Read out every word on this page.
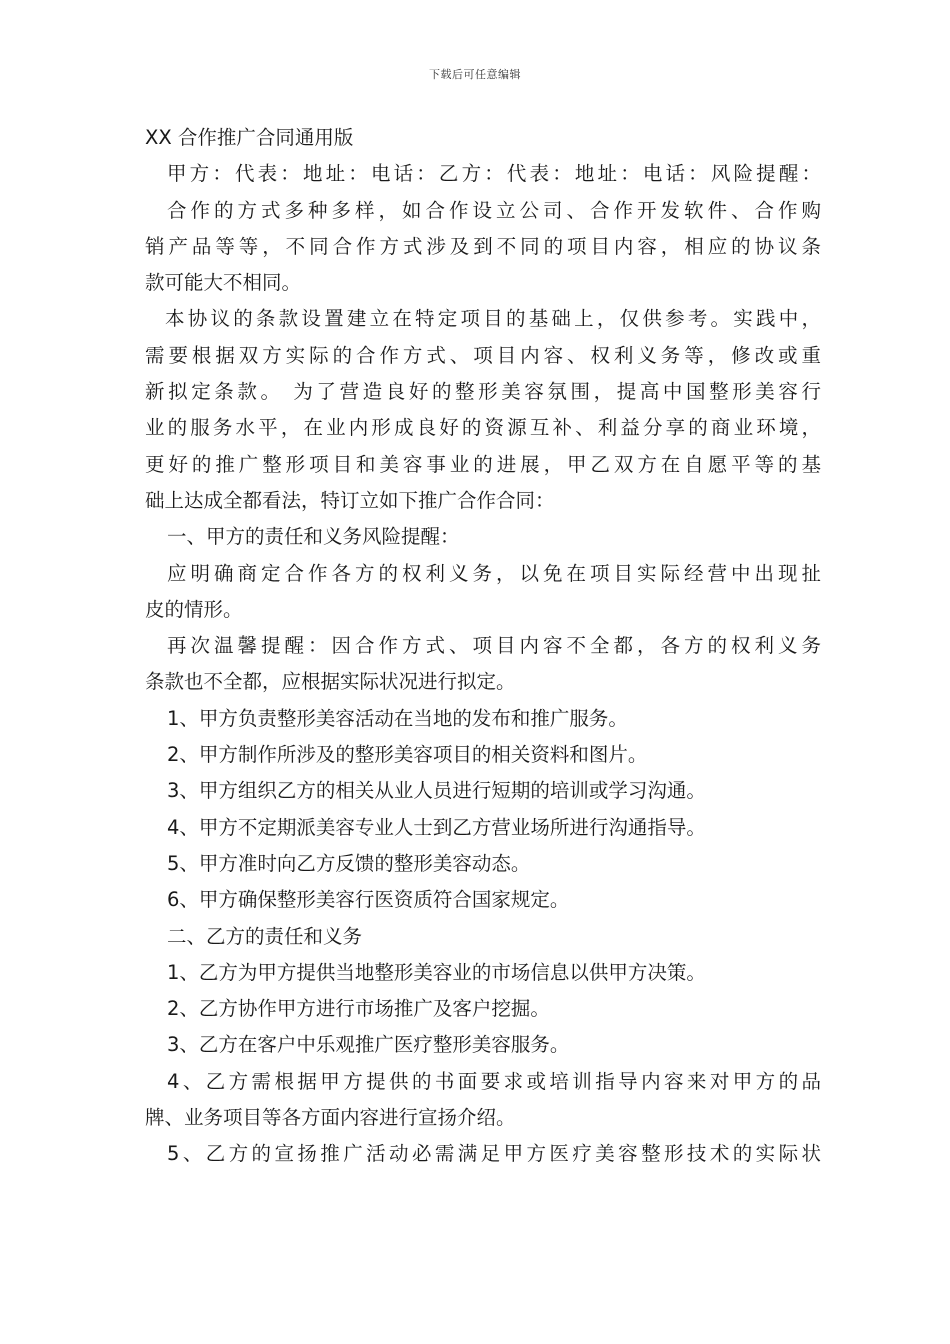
下载后可任意编辑
XX 合作推广合同通用版
甲方：代表：地址：电话：乙方：代表：地址：电话：风险提醒：
合作的方式多种多样，如合作设立公司、合作开发软件、合作购
销产品等等，不同合作方式涉及到不同的项目内容，相应的协议条
款可能大不相同。
本协议的条款设置建立在特定项目的基础上，仅供参考。实践中，
需要根据双方实际的合作方式、项目内容、权利义务等，修改或重
新拟定条款。 为了营造良好的整形美容氛围，提高中国整形美容行
业的服务水平，在业内形成良好的资源互补、利益分享的商业环境，
更好的推广整形项目和美容事业的进展，甲乙双方在自愿平等的基
础上达成全都看法，特订立如下推广合作合同：
一、甲方的责任和义务风险提醒：
应明确商定合作各方的权利义务，以免在项目实际经营中出现扯
皮的情形。
再次温馨提醒：因合作方式、项目内容不全都，各方的权利义务
条款也不全都，应根据实际状况进行拟定。
1、甲方负责整形美容活动在当地的发布和推广服务。
2、甲方制作所涉及的整形美容项目的相关资料和图片。
3、甲方组织乙方的相关从业人员进行短期的培训或学习沟通。
4、甲方不定期派美容专业人士到乙方营业场所进行沟通指导。
5、甲方准时向乙方反馈的整形美容动态。
6、甲方确保整形美容行医资质符合国家规定。
二、乙方的责任和义务
1、乙方为甲方提供当地整形美容业的市场信息以供甲方决策。
2、乙方协作甲方进行市场推广及客户挖掘。
3、乙方在客户中乐观推广医疗整形美容服务。
4、乙方需根据甲方提供的书面要求或培训指导内容来对甲方的品
牌、业务项目等各方面内容进行宣扬介绍。
5、乙方的宣扬推广活动必需满足甲方医疗美容整形技术的实际状
